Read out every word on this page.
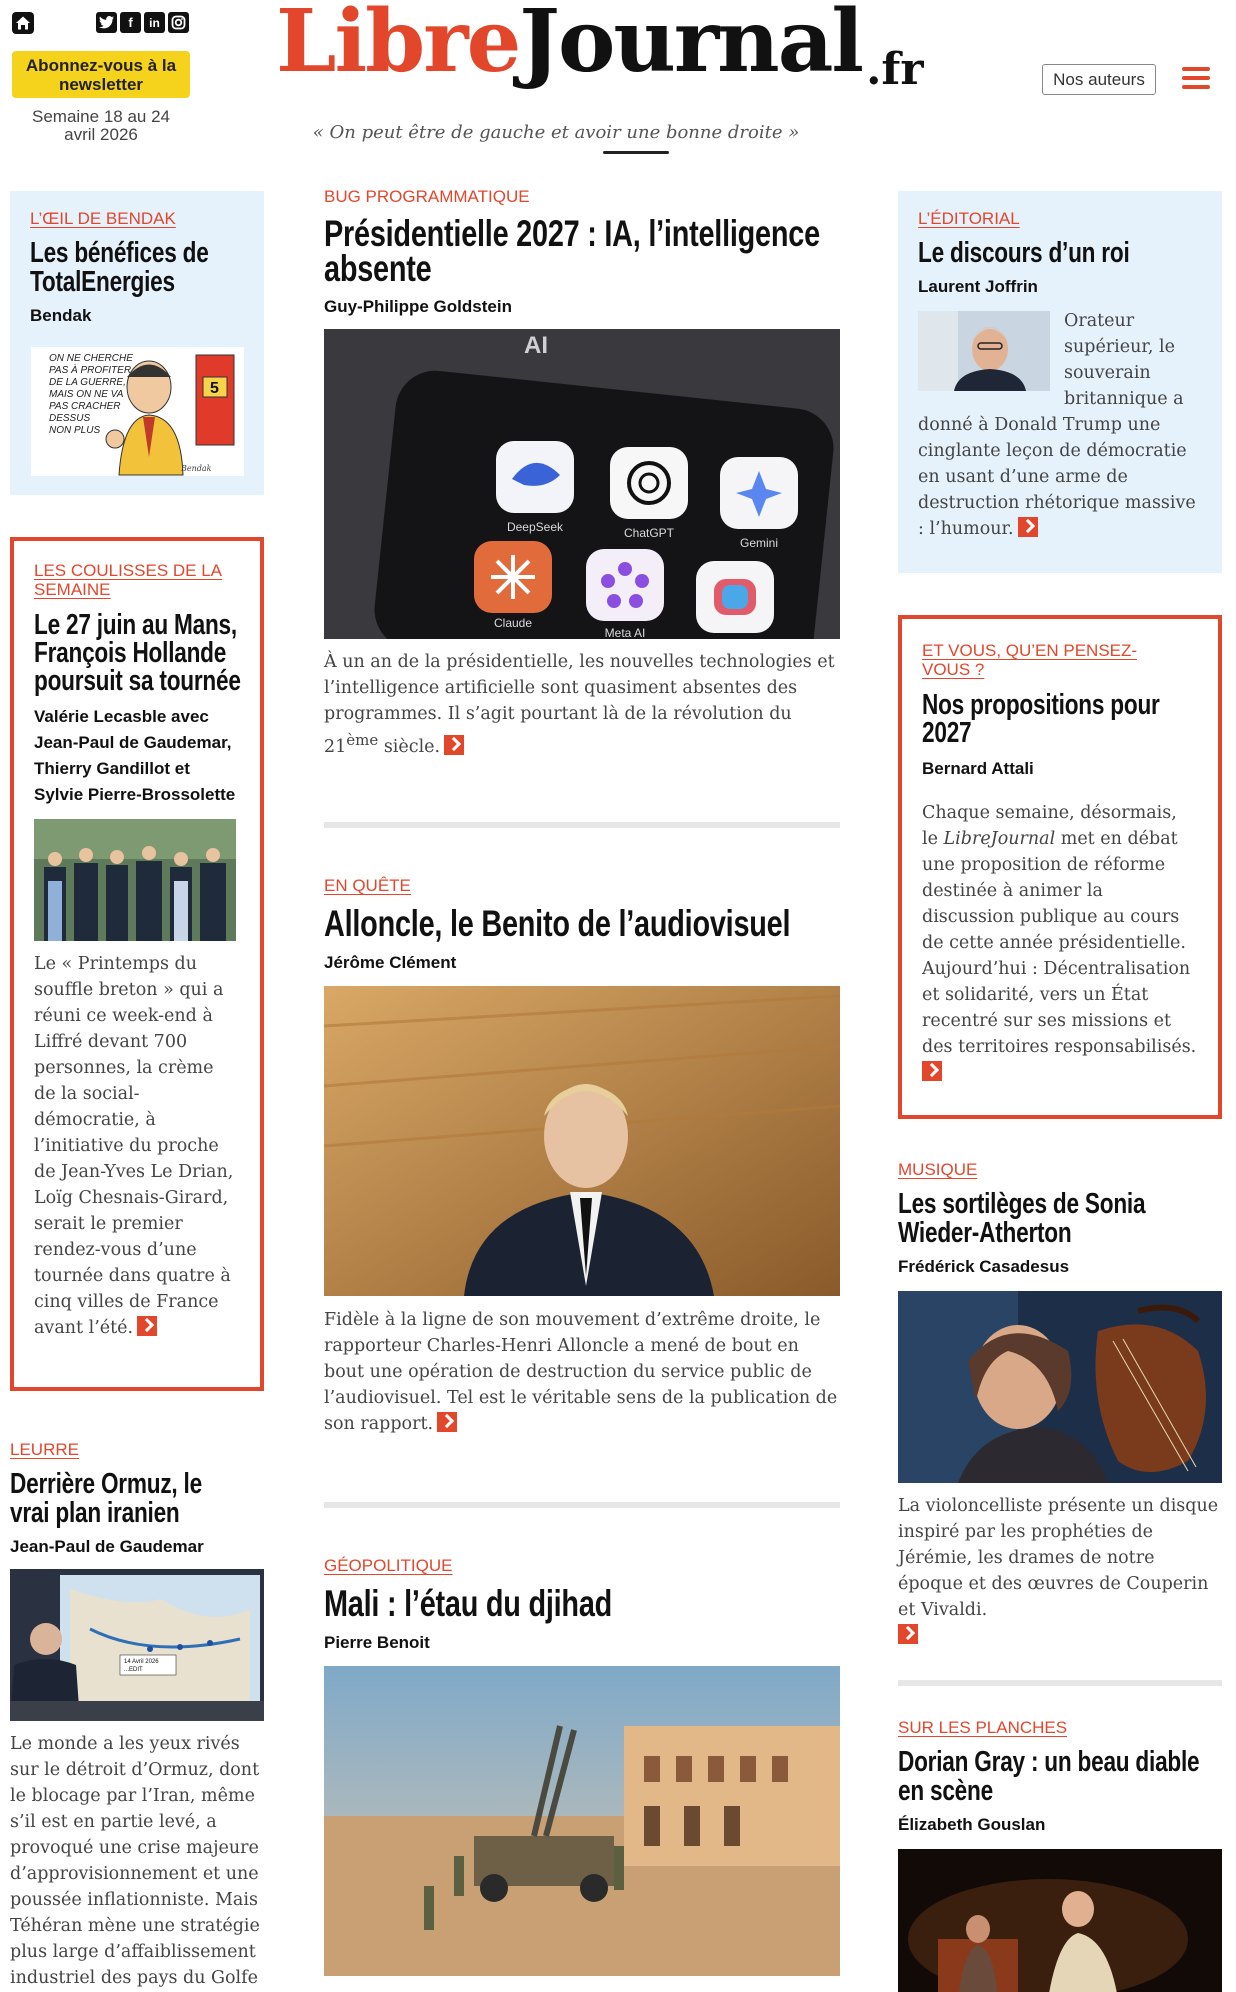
f	in
Abonnez-vous à la newsletter
Semaine 18 au 24
avril 2026
Libre Journal .fr
« On peut être de gauche et avoir une bonne droite »
Nos auteurs
L’ŒIL DE BENDAK
Les bénéfices de TotalEnergies
Bendak
ON NE CHERCHE PAS À PROFITER DE LA GUERRE, MAIS ON NE VA PAS CRACHER DESSUS NON PLUS
5
Bendak
LES COULISSES DE LA SEMAINE
Le 27 juin au Mans, François Hollande poursuit sa tournée
Valérie Lecasble avec Jean-Paul de Gaudemar, Thierry Gandillot et Sylvie Pierre-Brossolette
Le « Printemps du souffle breton » qui a réuni ce week-end à Liffré devant 700 personnes, la crème de la social-démocratie, à l’initiative du proche de Jean-Yves Le Drian, Loïg Chesnais-Girard, serait le premier rendez-vous d’une tournée dans quatre à cinq villes de France avant l’été.
LEURRE
Derrière Ormuz, le vrai plan iranien
Jean-Paul de Gaudemar
14 Avril 2026
...EDIT
Le monde a les yeux rivés sur le détroit d’Ormuz, dont le blocage par l’Iran, même s’il est en partie levé, a provoqué une crise majeure d’approvisionnement et une poussée inflationniste. Mais Téhéran mène une stratégie plus large d’affaiblissement industriel des pays du Golfe
BUG PROGRAMMATIQUE
Présidentielle 2027 : IA, l’intelligence absente
Guy-Philippe Goldstein
AI
DeepSeek	ChatGPT
Gemini
Claude
Meta AI
À un an de la présidentielle, les nouvelles technologies et l’intelligence artificielle sont quasiment absentes des programmes. Il s’agit pourtant là de la révolution du 21ème siècle.
EN QUÊTE
Alloncle, le Benito de l’audiovisuel
Jérôme Clément
Fidèle à la ligne de son mouvement d’extrême droite, le rapporteur Charles-Henri Alloncle a mené de bout en bout une opération de destruction du service public de l’audiovisuel. Tel est le véritable sens de la publication de son rapport.
GÉOPOLITIQUE
Mali : l’étau du djihad
Pierre Benoit
L’ÉDITORIAL
Le discours d’un roi
Laurent Joffrin
Orateur supérieur, le souverain britannique a donné à Donald Trump une cinglante leçon de démocratie en usant d’une arme de destruction rhétorique massive : l’humour.
ET VOUS, QU’EN PENSEZ-VOUS ?
Nos propositions pour 2027
Bernard Attali
Chaque semaine, désormais, le LibreJournal met en débat une proposition de réforme destinée à animer la discussion publique au cours de cette année présidentielle. Aujourd’hui : Décentralisation et solidarité, vers un État recentré sur ses missions et des territoires responsabilisés.

MUSIQUE
Les sortilèges de Sonia Wieder-Atherton
Frédérick Casadesus
La violoncelliste présente un disque inspiré par les prophéties de Jérémie, les drames de notre époque et des œuvres de Couperin et Vivaldi.

SUR LES PLANCHES
Dorian Gray : un beau diable en scène
Élizabeth Gouslan
